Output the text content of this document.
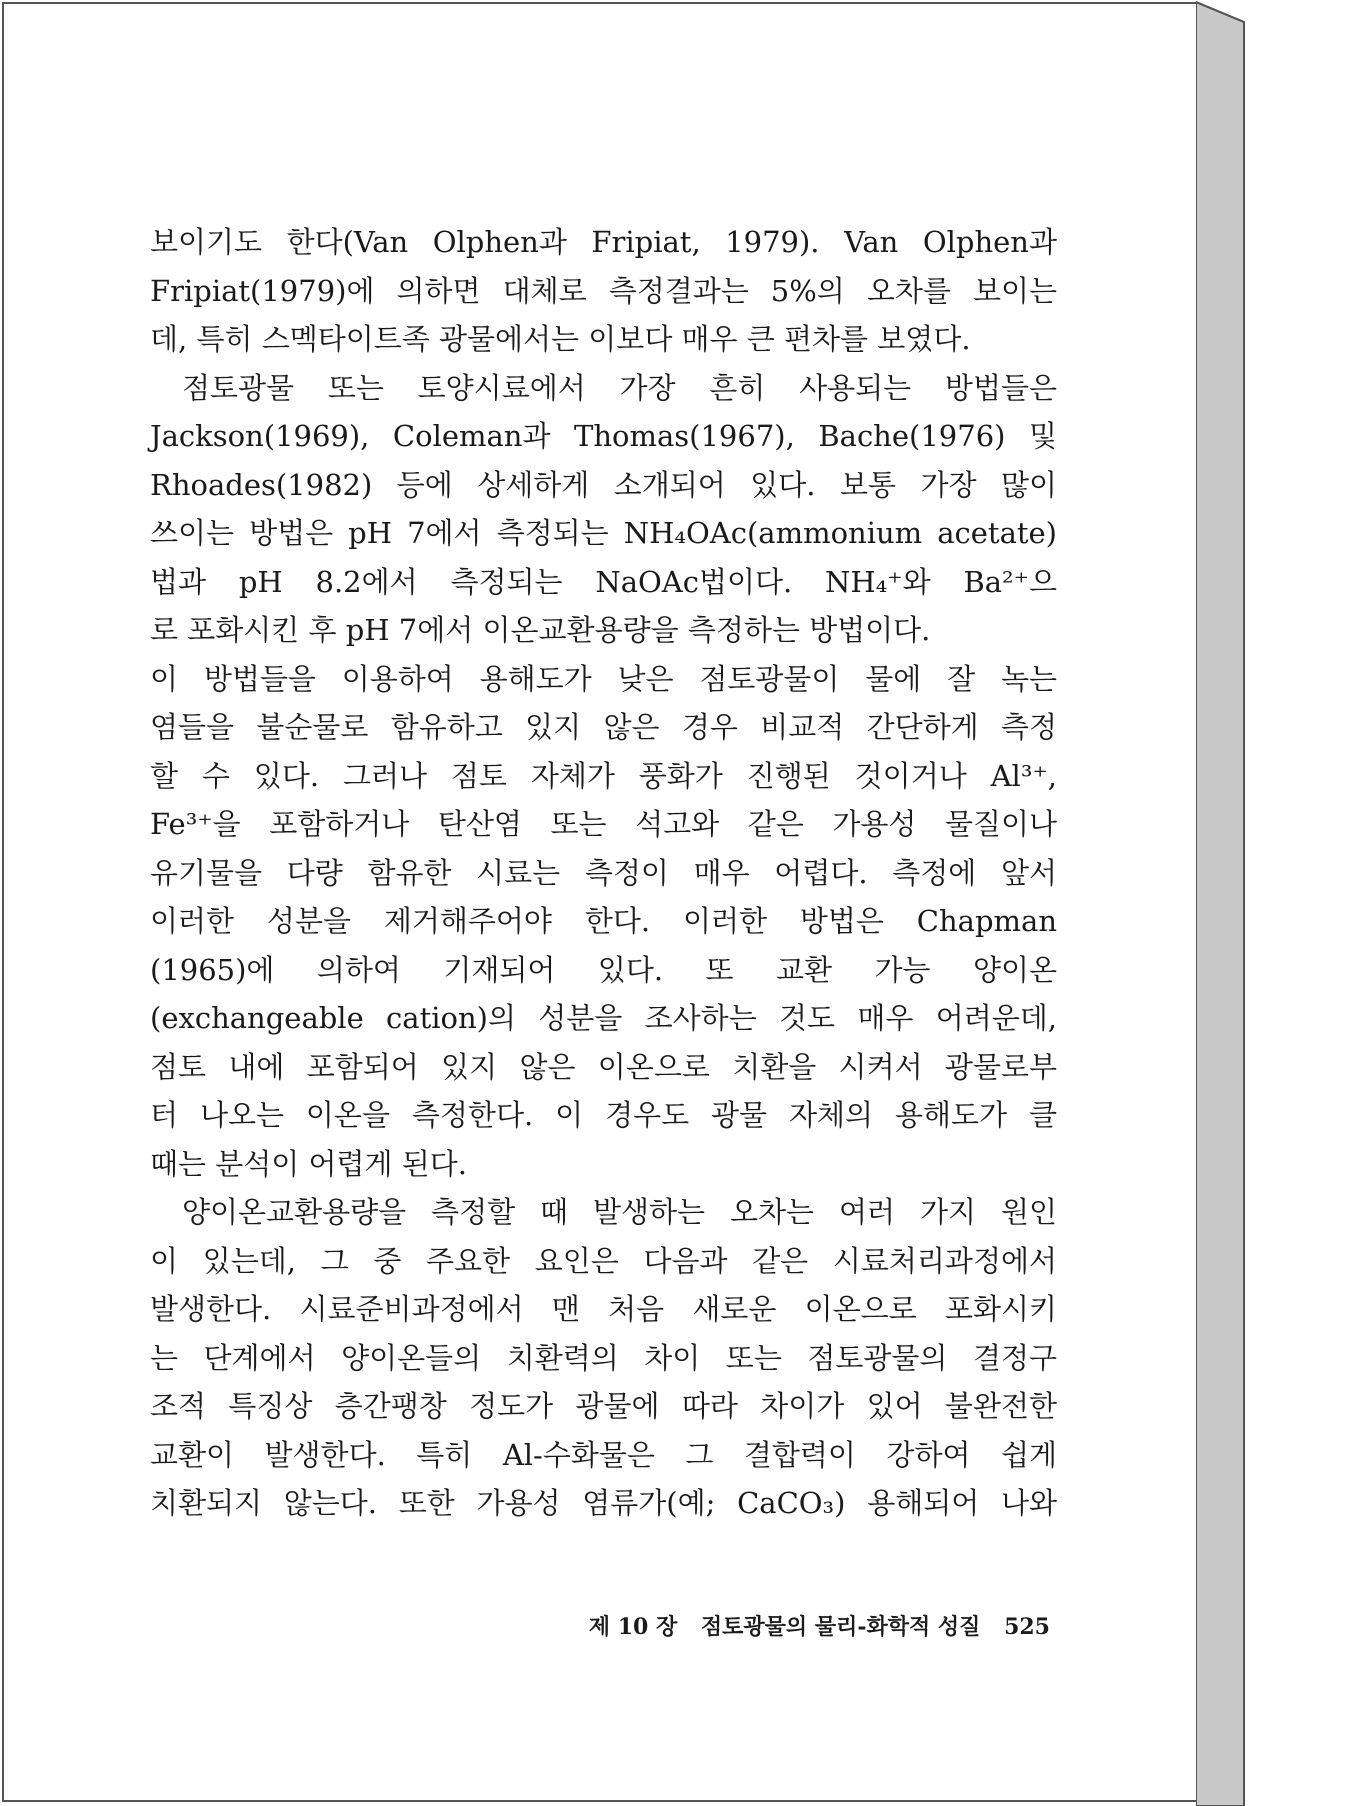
보이기도 한다(Van Olphen과 Fripiat, 1979). Van Olphen과
Fripiat(1979)에 의하면 대체로 측정결과는 5%의 오차를 보이는
데, 특히 스멕타이트족 광물에서는 이보다 매우 큰 편차를 보였다.
점토광물 또는 토양시료에서 가장 흔히 사용되는 방법들은
Jackson(1969), Coleman과 Thomas(1967), Bache(1976) 및
Rhoades(1982) 등에 상세하게 소개되어 있다. 보통 가장 많이
쓰이는 방법은 pH 7에서 측정되는 NH₄OAc(ammonium acetate)
법과 pH 8.2에서 측정되는 NaOAc법이다. NH₄⁺와 Ba²⁺으
로 포화시킨 후 pH 7에서 이온교환용량을 측정하는 방법이다.
이 방법들을 이용하여 용해도가 낮은 점토광물이 물에 잘 녹는
염들을 불순물로 함유하고 있지 않은 경우 비교적 간단하게 측정
할 수 있다. 그러나 점토 자체가 풍화가 진행된 것이거나 Al³⁺,
Fe³⁺을 포함하거나 탄산염 또는 석고와 같은 가용성 물질이나
유기물을 다량 함유한 시료는 측정이 매우 어렵다. 측정에 앞서
이러한 성분을 제거해주어야 한다. 이러한 방법은 Chapman
(1965)에 의하여 기재되어 있다. 또 교환 가능 양이온
(exchangeable cation)의 성분을 조사하는 것도 매우 어려운데,
점토 내에 포함되어 있지 않은 이온으로 치환을 시켜서 광물로부
터 나오는 이온을 측정한다. 이 경우도 광물 자체의 용해도가 클
때는 분석이 어렵게 된다.
양이온교환용량을 측정할 때 발생하는 오차는 여러 가지 원인
이 있는데, 그 중 주요한 요인은 다음과 같은 시료처리과정에서
발생한다. 시료준비과정에서 맨 처음 새로운 이온으로 포화시키
는 단계에서 양이온들의 치환력의 차이 또는 점토광물의 결정구
조적 특징상 층간팽창 정도가 광물에 따라 차이가 있어 불완전한
교환이 발생한다. 특히 Al-수화물은 그 결합력이 강하여 쉽게
치환되지 않는다. 또한 가용성 염류가(예; CaCO₃) 용해되어 나와
제 10 장 점토광물의 물리-화학적 성질 525
